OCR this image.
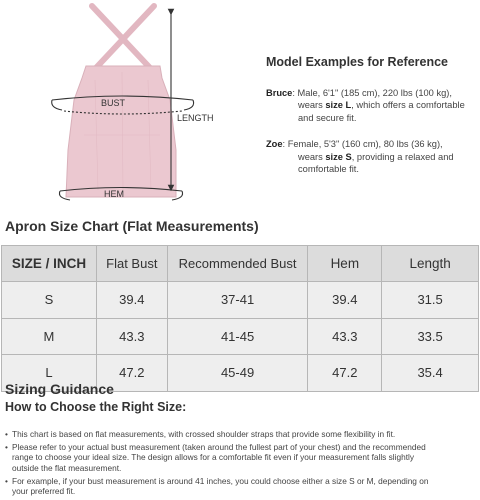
BUST
HEM
LENGTH
Model Examples for Reference
Bruce: Male, 6'1" (185 cm), 220 lbs (100 kg),
wears size L, which offers a comfortable
and secure fit.
Zoe: Female, 5'3" (160 cm), 80 lbs (36 kg),
wears size S, providing a relaxed and
comfortable fit.
Apron Size Chart (Flat Measurements)
SIZE / INCH	Flat Bust	Recommended Bust	Hem	Length
S	39.4	37-41	39.4	31.5
M	43.3	41-45	43.3	33.5
L	47.2	45-49	47.2	35.4
Sizing Guidance
How to Choose the Right Size:
• This chart is based on flat measurements, with crossed shoulder straps that provide some flexibility in fit.
• Please refer to your actual bust measurement (taken around the fullest part of your chest) and the recommended
range to choose your ideal size. The design allows for a comfortable fit even if your measurement falls slightly
outside the flat measurement.
• For example, if your bust measurement is around 41 inches, you could choose either a size S or M, depending on
your preferred fit.
